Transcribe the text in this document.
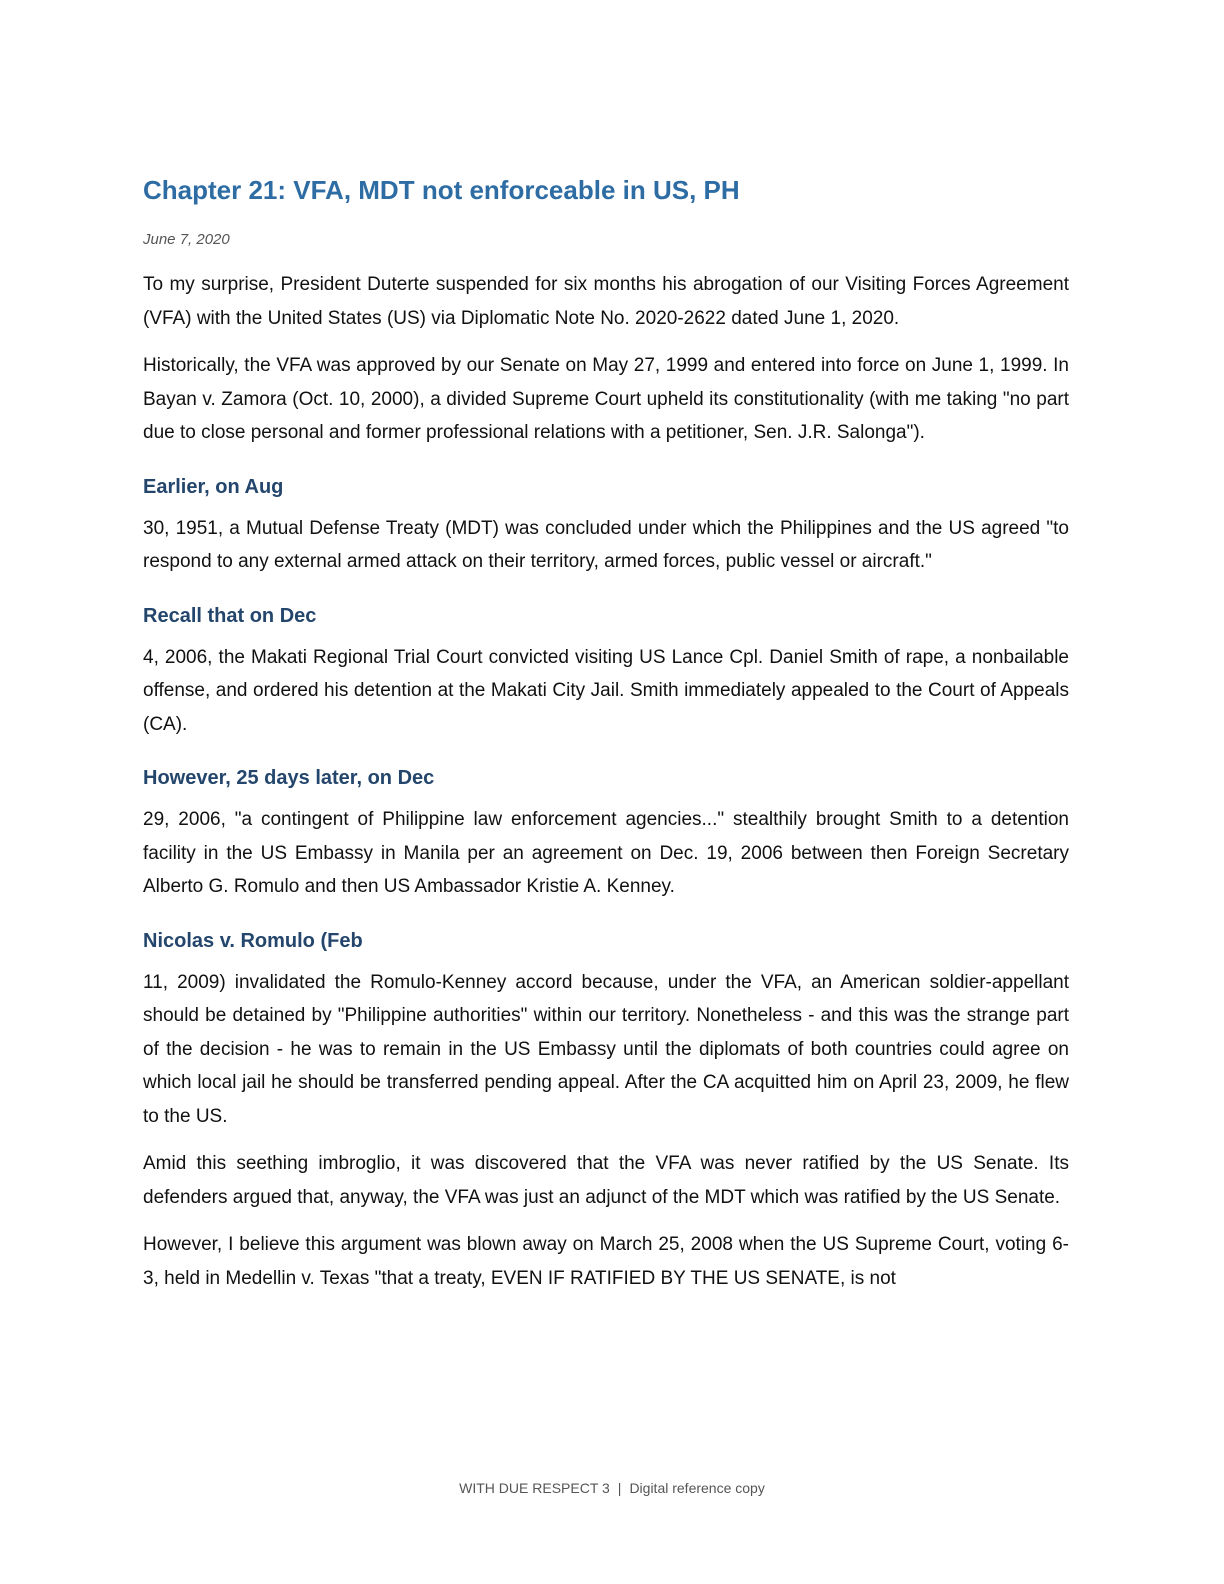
Chapter 21: VFA, MDT not enforceable in US, PH
June 7, 2020

To my surprise, President Duterte suspended for six months his abrogation of our Visiting Forces Agreement (VFA) with the United States (US) via Diplomatic Note No. 2020-2622 dated June 1, 2020.

Historically, the VFA was approved by our Senate on May 27, 1999 and entered into force on June 1, 1999. In Bayan v. Zamora (Oct. 10, 2000), a divided Supreme Court upheld its constitutionality (with me taking "no part due to close personal and former professional relations with a petitioner, Sen. J.R. Salonga").

Earlier, on Aug

30, 1951, a Mutual Defense Treaty (MDT) was concluded under which the Philippines and the US agreed "to respond to any external armed attack on their territory, armed forces, public vessel or aircraft."

Recall that on Dec

4, 2006, the Makati Regional Trial Court convicted visiting US Lance Cpl. Daniel Smith of rape, a nonbailable offense, and ordered his detention at the Makati City Jail. Smith immediately appealed to the Court of Appeals (CA).

However, 25 days later, on Dec

29, 2006, "a contingent of Philippine law enforcement agencies..." stealthily brought Smith to a detention facility in the US Embassy in Manila per an agreement on Dec. 19, 2006 between then Foreign Secretary Alberto G. Romulo and then US Ambassador Kristie A. Kenney.

Nicolas v. Romulo (Feb

11, 2009) invalidated the Romulo-Kenney accord because, under the VFA, an American soldier-appellant should be detained by "Philippine authorities" within our territory. Nonetheless - and this was the strange part of the decision - he was to remain in the US Embassy until the diplomats of both countries could agree on which local jail he should be transferred pending appeal. After the CA acquitted him on April 23, 2009, he flew to the US.

Amid this seething imbroglio, it was discovered that the VFA was never ratified by the US Senate. Its defenders argued that, anyway, the VFA was just an adjunct of the MDT which was ratified by the US Senate.

However, I believe this argument was blown away on March 25, 2008 when the US Supreme Court, voting 6-3, held in Medellin v. Texas "that a treaty, EVEN IF RATIFIED BY THE US SENATE, is not

WITH DUE RESPECT 3 | Digital reference copy
